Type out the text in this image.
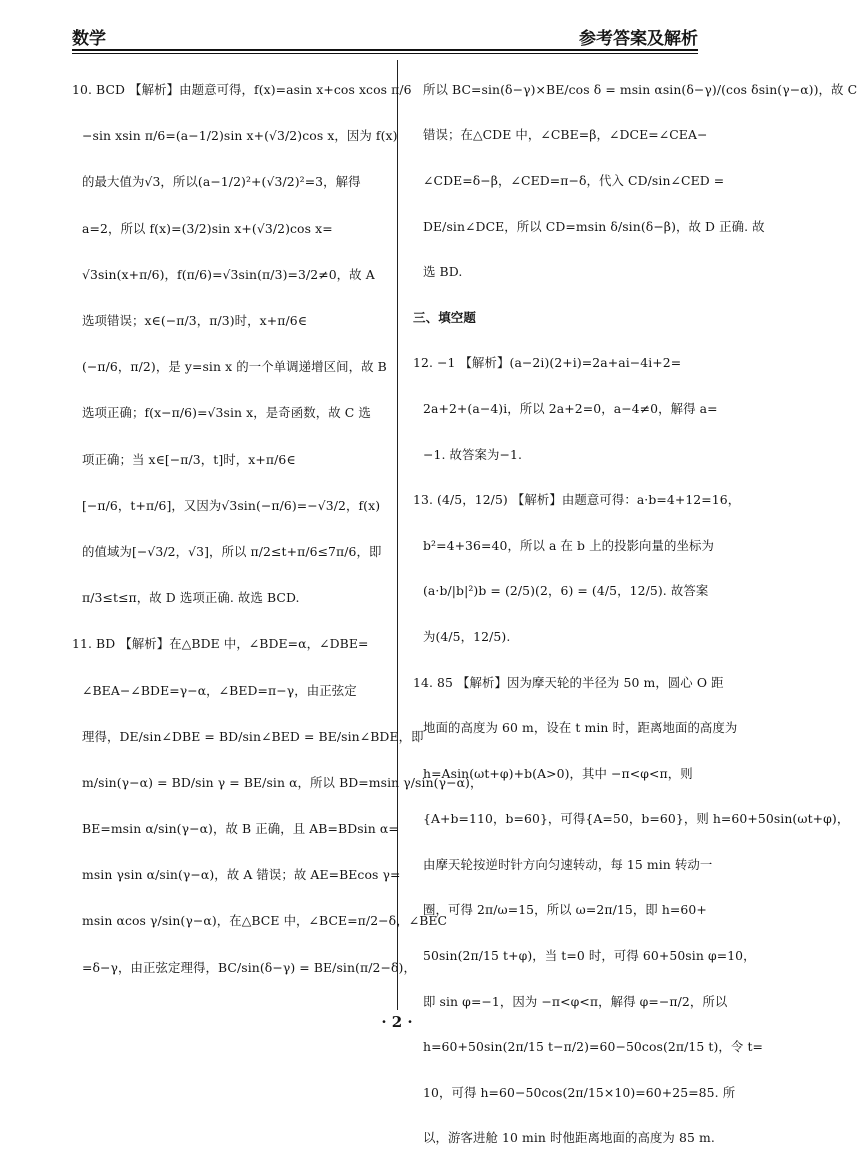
数学	参考答案及解析
10. BCD 【解析】由题意可得，f(x)=asin x+cos xcos π/6
−sin xsin π/6=(a−1/2)sin x+(√3/2)cos x，因为 f(x)
的最大值为√3，所以(a−1/2)²+(√3/2)²=3，解得
a=2，所以 f(x)=(3/2)sin x+(√3/2)cos x=
√3sin(x+π/6)，f(π/6)=√3sin(π/3)=3/2≠0，故 A
选项错误；x∈(−π/3，π/3)时，x+π/6∈
(−π/6，π/2)，是 y=sin x 的一个单调递增区间，故 B
选项正确；f(x−π/6)=√3sin x，是奇函数，故 C 选
项正确；当 x∈[−π/3，t]时，x+π/6∈
[−π/6，t+π/6]，又因为√3sin(−π/6)=−√3/2，f(x)
的值域为[−√3/2，√3]，所以 π/2≤t+π/6≤7π/6，即
π/3≤t≤π，故 D 选项正确. 故选 BCD.
11. BD 【解析】在△BDE 中，∠BDE=α，∠DBE=
∠BEA−∠BDE=γ−α，∠BED=π−γ，由正弦定
理得，DE/sin∠DBE = BD/sin∠BED = BE/sin∠BDE，即
m/sin(γ−α) = BD/sin γ = BE/sin α，所以 BD=msin γ/sin(γ−α)，
BE=msin α/sin(γ−α)，故 B 正确，且 AB=BDsin α=
msin γsin α/sin(γ−α)，故 A 错误；故 AE=BEcos γ=
msin αcos γ/sin(γ−α)，在△BCE 中，∠BCE=π/2−δ，∠BEC
=δ−γ，由正弦定理得，BC/sin(δ−γ) = BE/sin(π/2−δ)，
所以 BC=sin(δ−γ)×BE/cos δ = msin αsin(δ−γ)/(cos δsin(γ−α))，故 C
错误；在△CDE 中，∠CBE=β，∠DCE=∠CEA−
∠CDE=δ−β，∠CED=π−δ，代入 CD/sin∠CED =
DE/sin∠DCE，所以 CD=msin δ/sin(δ−β)，故 D 正确. 故
选 BD.
三、填空题
12. −1 【解析】(a−2i)(2+i)=2a+ai−4i+2=
2a+2+(a−4)i，所以 2a+2=0，a−4≠0，解得 a=
−1. 故答案为−1.
13. (4/5，12/5) 【解析】由题意可得：a·b=4+12=16，
b²=4+36=40，所以 a 在 b 上的投影向量的坐标为
(a·b/|b|²)b = (2/5)(2，6) = (4/5，12/5). 故答案
为(4/5，12/5).
14. 85 【解析】因为摩天轮的半径为 50 m，圆心 O 距
地面的高度为 60 m，设在 t min 时，距离地面的高度为
h=Asin(ωt+φ)+b(A>0)，其中 −π<φ<π，则
{A+b=110，b=60}，可得{A=50，b=60}，则 h=60+50sin(ωt+φ)，
由摩天轮按逆时针方向匀速转动，每 15 min 转动一
圈，可得 2π/ω=15，所以 ω=2π/15，即 h=60+
50sin(2π/15 t+φ)，当 t=0 时，可得 60+50sin φ=10，
即 sin φ=−1，因为 −π<φ<π，解得 φ=−π/2，所以
h=60+50sin(2π/15 t−π/2)=60−50cos(2π/15 t)，令 t=
10，可得 h=60−50cos(2π/15×10)=60+25=85. 所
以，游客进舱 10 min 时他距离地面的高度为 85 m.
· 2 ·
